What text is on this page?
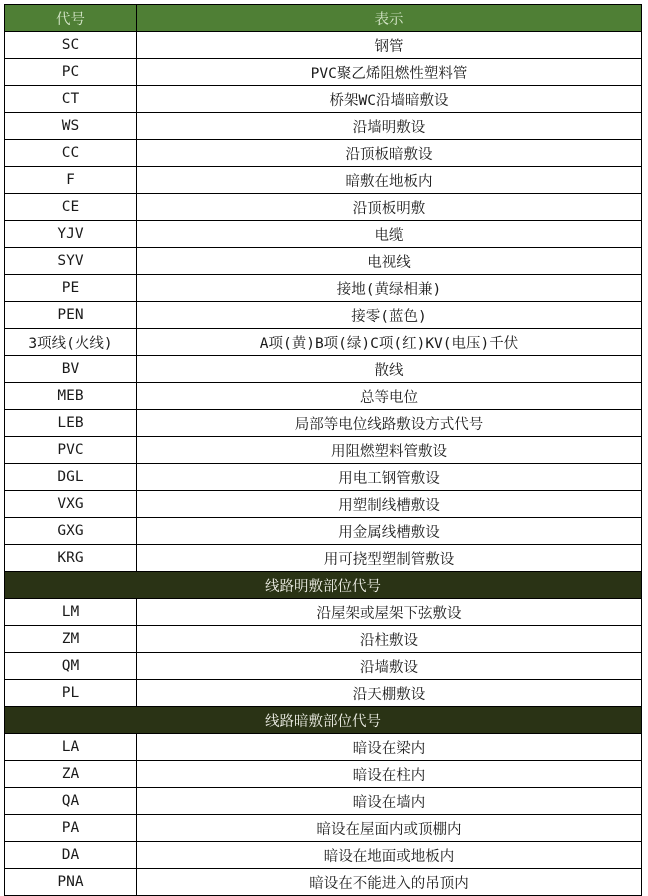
代号	表示
SC	钢管
PC	PVC聚乙烯阻燃性塑料管
CT	桥架WC沿墙暗敷设
WS	沿墙明敷设
CC	沿顶板暗敷设
F	暗敷在地板内
CE	沿顶板明敷
YJV	电缆
SYV	电视线
PE	接地(黄绿相兼)
PEN	接零(蓝色)
3项线(火线)	A项(黄)B项(绿)C项(红)KV(电压)千伏
BV	散线
MEB	总等电位
LEB	局部等电位线路敷设方式代号
PVC	用阻燃塑料管敷设
DGL	用电工钢管敷设
VXG	用塑制线槽敷设
GXG	用金属线槽敷设
KRG	用可挠型塑制管敷设
线路明敷部位代号	
LM	沿屋架或屋架下弦敷设
ZM	沿柱敷设
QM	沿墙敷设
PL	沿天棚敷设
线路暗敷部位代号	
LA	暗设在梁内
ZA	暗设在柱内
QA	暗设在墙内
PA	暗设在屋面内或顶棚内
DA	暗设在地面或地板内
PNA	暗设在不能进入的吊顶内
